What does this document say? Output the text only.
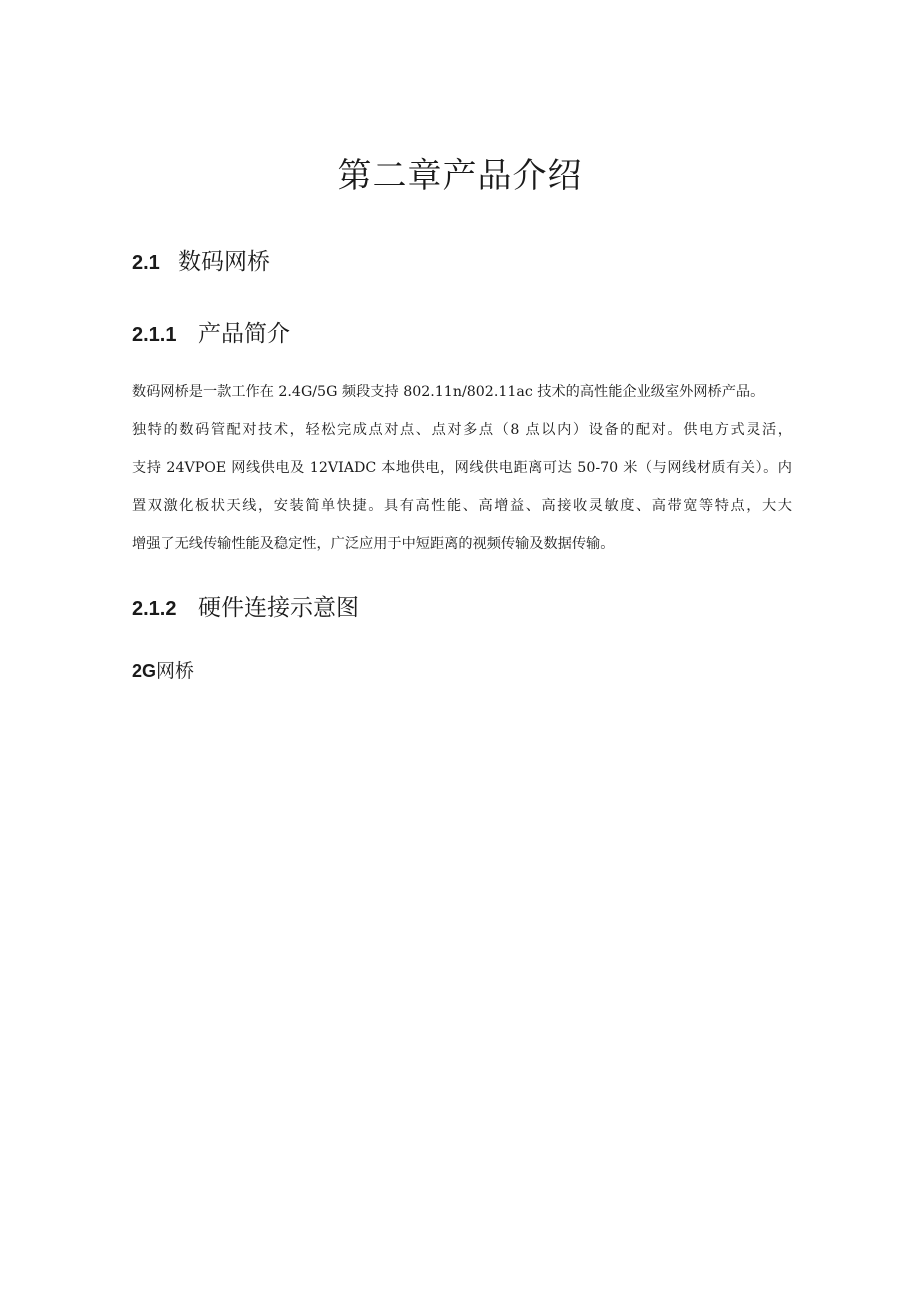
第二章产品介绍
2.1 数码网桥
2.1.1 产品简介
数码网桥是一款工作在 2.4G/5G 频段支持 802.11n/802.11ac 技术的高性能企业级室外网桥产品。
独特的数码管配对技术，轻松完成点对点、点对多点（8 点以内）设备的配对。供电方式灵活，
支持 24VPOE 网线供电及 12VIADC 本地供电，网线供电距离可达 50-70 米（与网线材质有关）。内
置双激化板状天线，安装简单快捷。具有高性能、高增益、高接收灵敏度、高带宽等特点，大大
增强了无线传输性能及稳定性，广泛应用于中短距离的视频传输及数据传输。
2.1.2 硬件连接示意图
2G网桥
